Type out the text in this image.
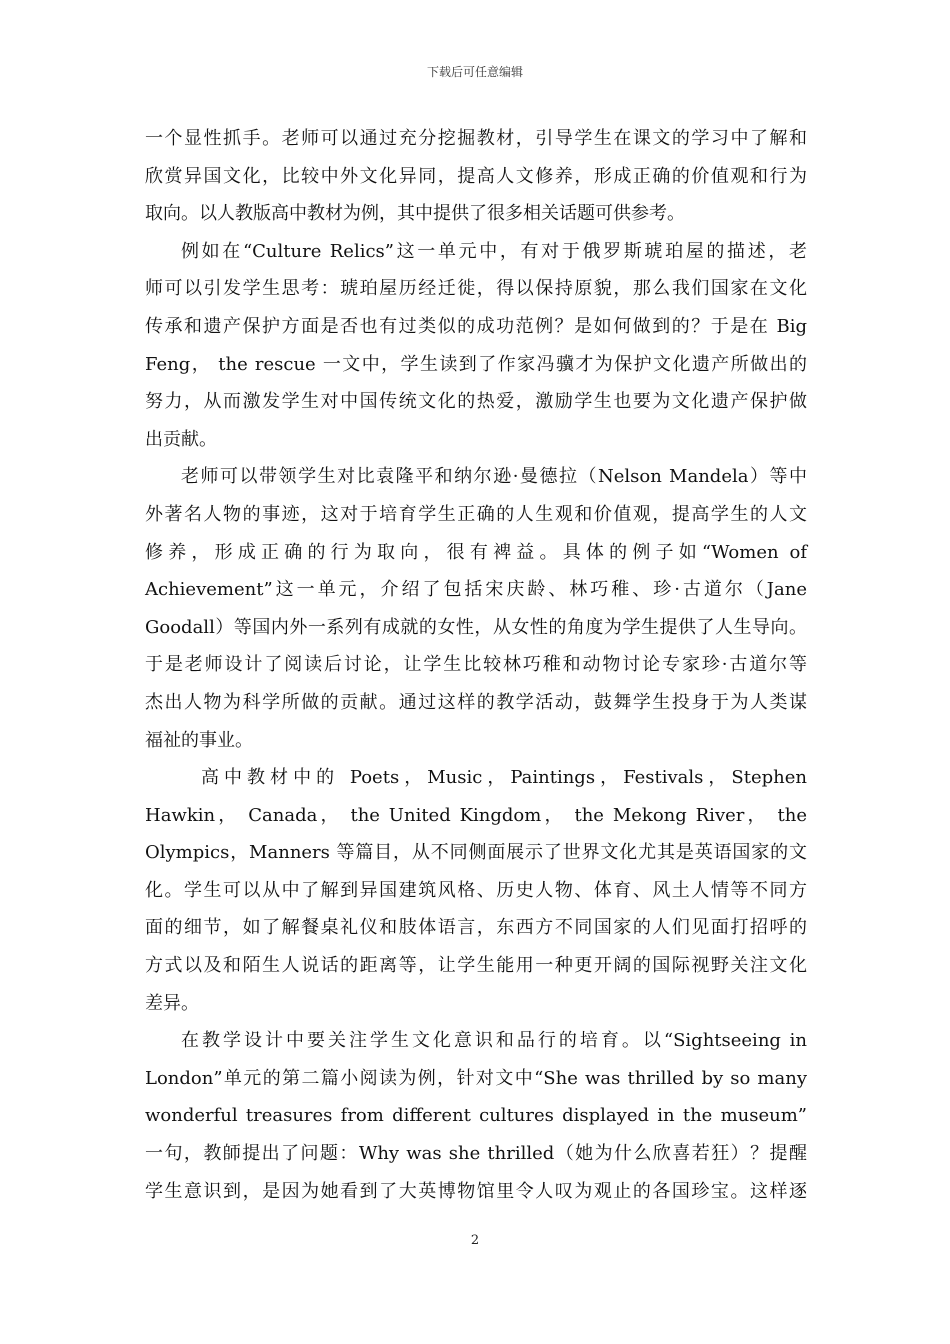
下载后可任意编辑
一个显性抓手。老师可以通过充分挖掘教材，引导学生在课文的学习中了解和
欣赏异国文化，比较中外文化异同，提高人文修养，形成正确的价值观和行为
取向。以人教版高中教材为例，其中提供了很多相关话题可供参考。
例如在“Culture Relics”这一单元中，有对于俄罗斯琥珀屋的描述，老
师可以引发学生思考：琥珀屋历经迁徙，得以保持原貌，那么我们国家在文化
传承和遗产保护方面是否也有过类似的成功范例？是如何做到的？于是在 Big
Feng， the rescue 一文中，学生读到了作家冯骥才为保护文化遗产所做出的
努力，从而激发学生对中国传统文化的热爱，激励学生也要为文化遗产保护做
出贡献。
老师可以带领学生对比袁隆平和纳尔逊·曼德拉（Nelson Mandela）等中
外著名人物的事迹，这对于培育学生正确的人生观和价值观，提高学生的人文
修养，形成正确的行为取向，很有裨益。具体的例子如“Women of
Achievement”这一单元，介绍了包括宋庆龄、林巧稚、珍·古道尔（Jane
Goodall）等国内外一系列有成就的女性，从女性的角度为学生提供了人生导向。
于是老师设计了阅读后讨论，让学生比较林巧稚和动物讨论专家珍·古道尔等
杰出人物为科学所做的贡献。通过这样的教学活动，鼓舞学生投身于为人类谋
福祉的事业。
高中教材中的 Poets，Music，Paintings，Festivals，Stephen
Hawkin， Canada， the United Kingdom， the Mekong River， the
Olympics，Manners 等篇目，从不同侧面展示了世界文化尤其是英语国家的文
化。学生可以从中了解到异国建筑风格、历史人物、体育、风土人情等不同方
面的细节，如了解餐桌礼仪和肢体语言，东西方不同国家的人们见面打招呼的
方式以及和陌生人说话的距离等，让学生能用一种更开阔的国际视野关注文化
差异。
在教学设计中要关注学生文化意识和品行的培育。以“Sightseeing in
London”单元的第二篇小阅读为例，针对文中“She was thrilled by so many
wonderful treasures from different cultures displayed in the museum”
一句，教師提出了问题：Why was she thrilled（她为什么欣喜若狂）？提醒
学生意识到，是因为她看到了大英博物馆里令人叹为观止的各国珍宝。这样逐
2
